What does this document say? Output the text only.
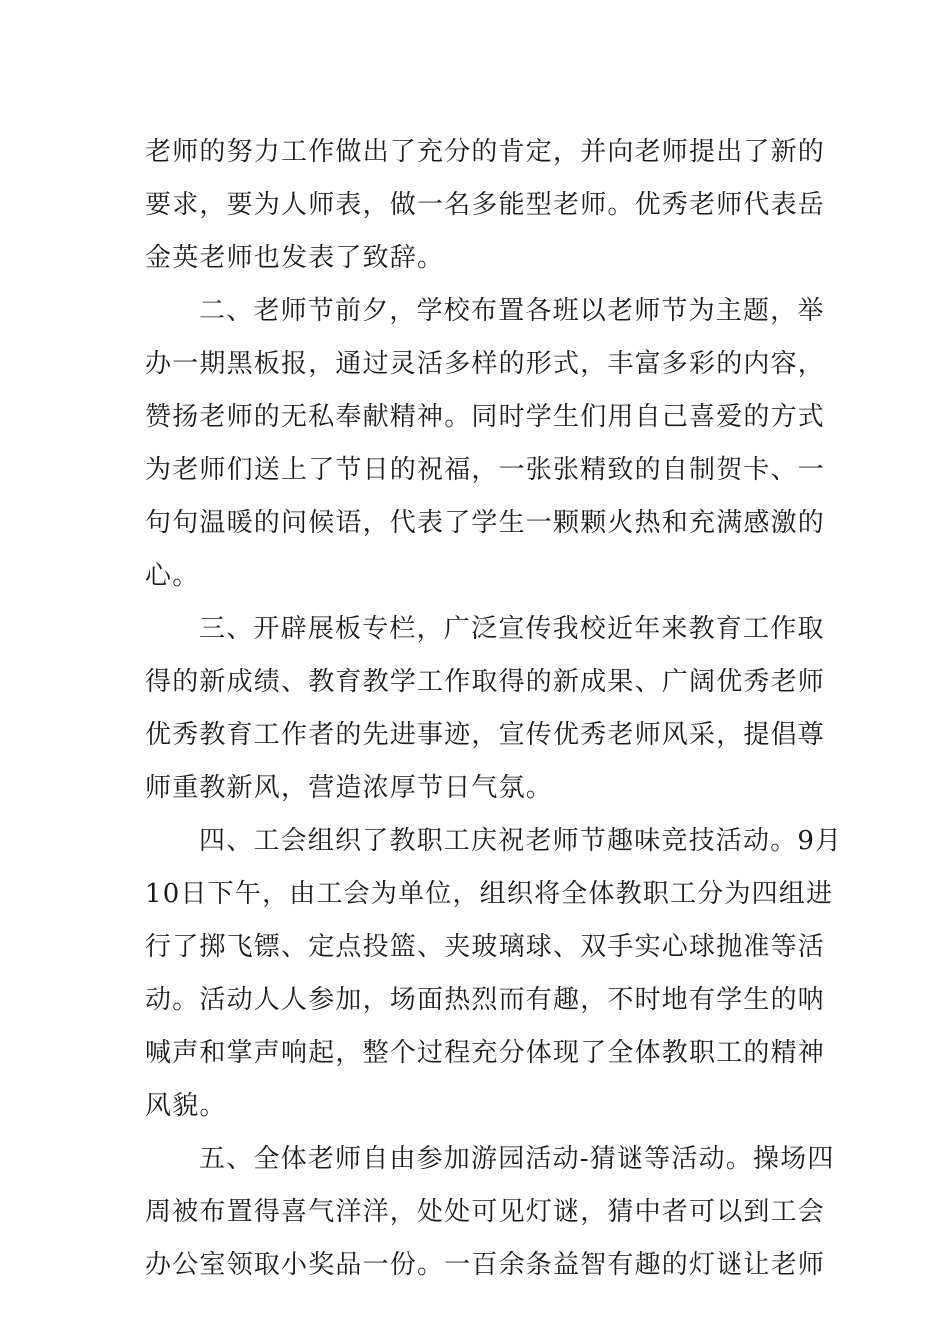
老师的努力工作做出了充分的肯定，并向老师提出了新的
要求，要为人师表，做一名多能型老师。优秀老师代表岳
金英老师也发表了致辞。

二、老师节前夕，学校布置各班以老师节为主题，举
办一期黑板报，通过灵活多样的形式，丰富多彩的内容，
赞扬老师的无私奉献精神。同时学生们用自己喜爱的方式
为老师们送上了节日的祝福，一张张精致的自制贺卡、一
句句温暖的问候语，代表了学生一颗颗火热和充满感激的
心。

三、开辟展板专栏，广泛宣传我校近年来教育工作取
得的新成绩、教育教学工作取得的新成果、广阔优秀老师
优秀教育工作者的先进事迹，宣传优秀老师风采，提倡尊
师重教新风，营造浓厚节日气氛。

四、工会组织了教职工庆祝老师节趣味竞技活动。9月
10日下午，由工会为单位，组织将全体教职工分为四组进
行了掷飞镖、定点投篮、夹玻璃球、双手实心球抛准等活
动。活动人人参加，场面热烈而有趣，不时地有学生的呐
喊声和掌声响起，整个过程充分体现了全体教职工的精神
风貌。

五、全体老师自由参加游园活动-猜谜等活动。操场四
周被布置得喜气洋洋，处处可见灯谜，猜中者可以到工会
办公室领取小奖品一份。一百余条益智有趣的灯谜让老师
